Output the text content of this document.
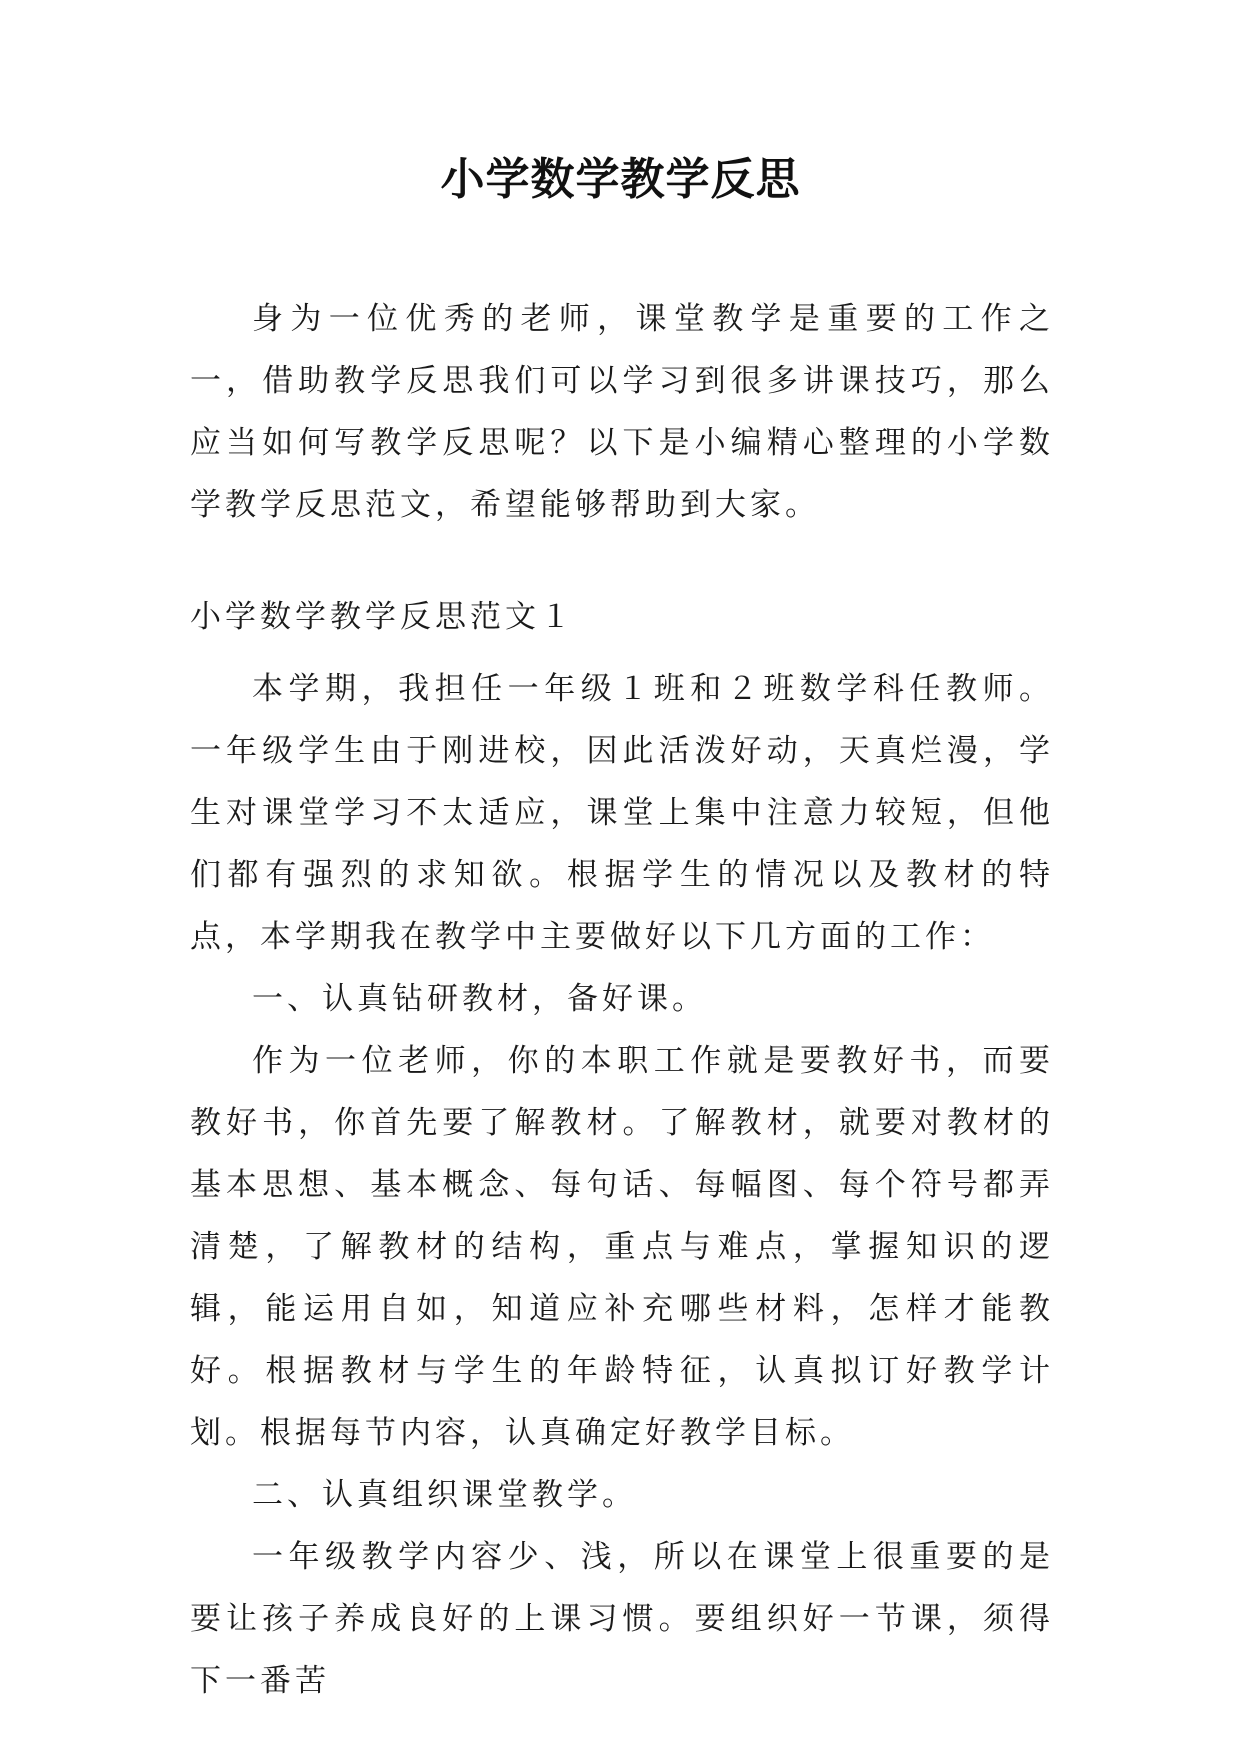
小学数学教学反思

身为一位优秀的老师，课堂教学是重要的工作之一，借助教学反思我们可以学习到很多讲课技巧，那么应当如何写教学反思呢？以下是小编精心整理的小学数学教学反思范文，希望能够帮助到大家。

小学数学教学反思范文１

本学期，我担任一年级１班和２班数学科任教师。一年级学生由于刚进校，因此活泼好动，天真烂漫，学生对课堂学习不太适应，课堂上集中注意力较短，但他们都有强烈的求知欲。根据学生的情况以及教材的特点，本学期我在教学中主要做好以下几方面的工作：

一、认真钻研教材，备好课。

作为一位老师，你的本职工作就是要教好书，而要教好书，你首先要了解教材。了解教材，就要对教材的基本思想、基本概念、每句话、每幅图、每个符号都弄清楚，了解教材的结构，重点与难点，掌握知识的逻辑，能运用自如，知道应补充哪些材料，怎样才能教好。根据教材与学生的年龄特征，认真拟订好教学计划。根据每节内容，认真确定好教学目标。

二、认真组织课堂教学。

一年级教学内容少、浅，所以在课堂上很重要的是要让孩子养成良好的上课习惯。要组织好一节课，须得下一番苦
